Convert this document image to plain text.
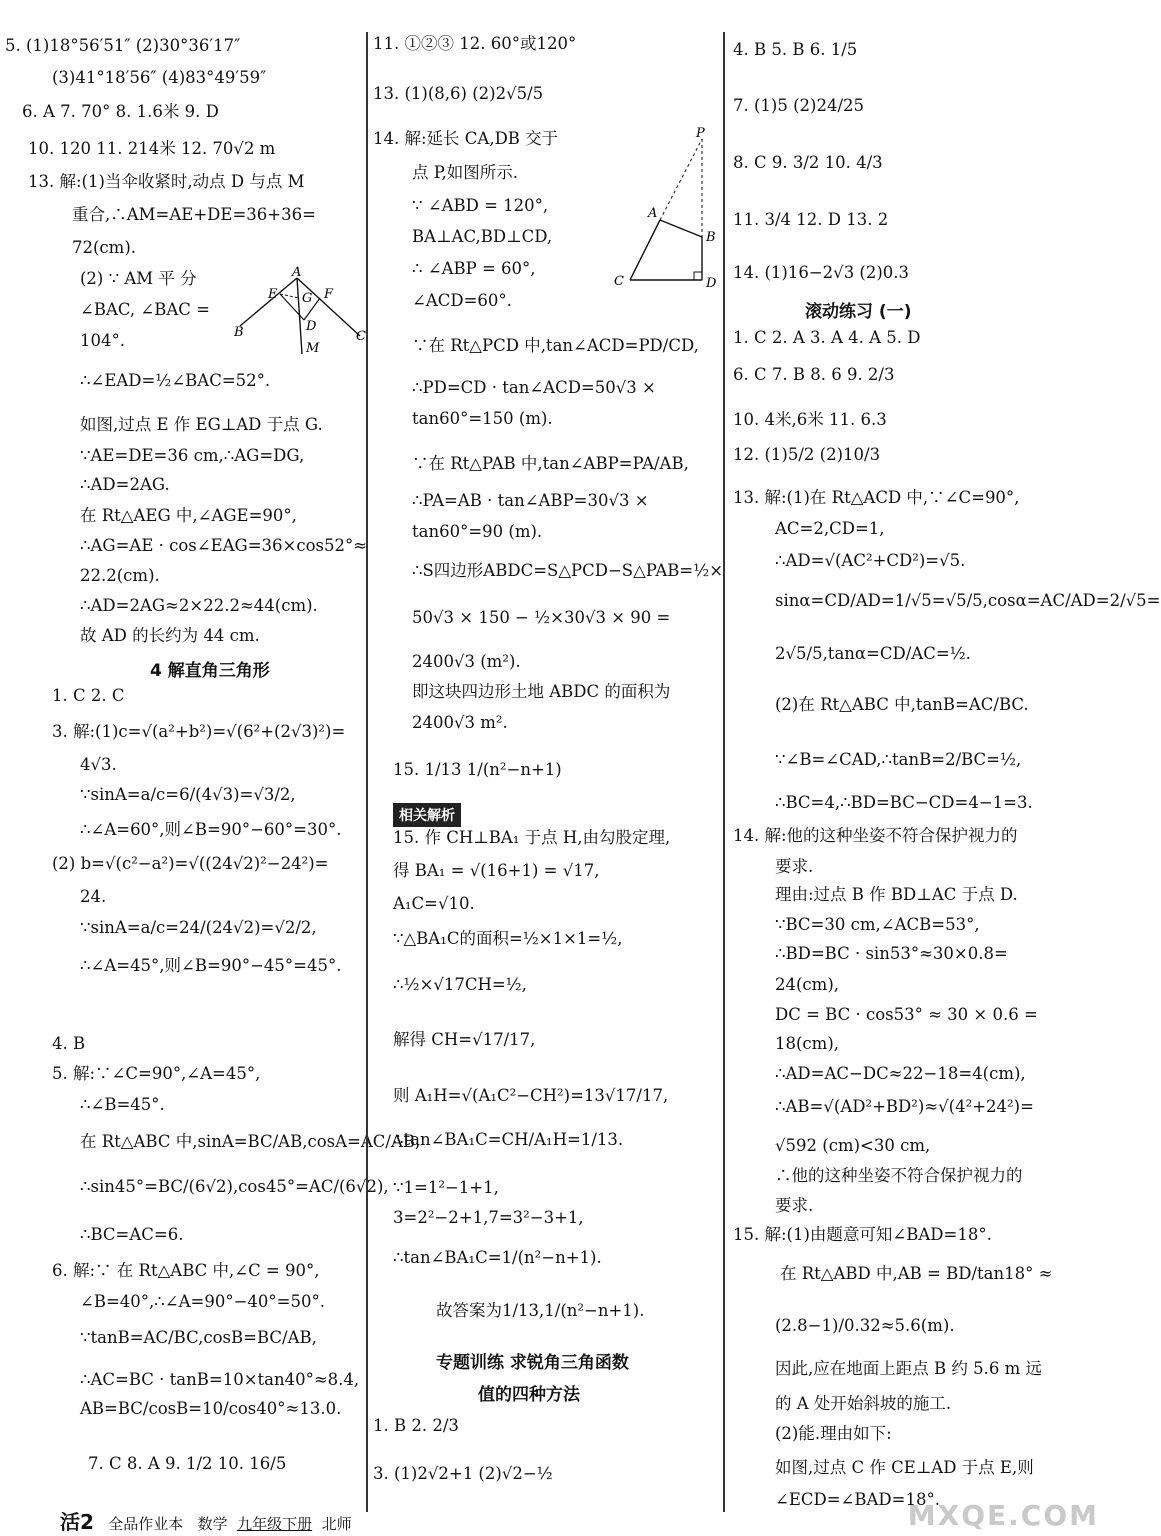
5. (1)18°56′51″ (2)30°36′17″
(3)41°18′56″ (4)83°49′59″
6. A 7. 70° 8. 1.6米 9. D
10. 120 11. 214米 12. 70√2 m
13. 解:(1)当伞收紧时,动点 D 与点 M
重合,∴AM=AE+DE=36+36=
72(cm).
(2) ∵ AM 平 分
∠BAC, ∠BAC =
104°.
∴∠EAD=½∠BAC=52°.
如图,过点 E 作 EG⊥AD 于点 G.
∵AE=DE=36 cm,∴AG=DG,
∴AD=2AG.
在 Rt△AEG 中,∠AGE=90°,
∴AG=AE · cos∠EAG=36×cos52°≈
22.2(cm).
∴AD=2AG≈2×22.2≈44(cm).
故 AD 的长约为 44 cm.
4 解直角三角形
1. C 2. C
3. 解:(1)c=√(a²+b²)=√(6²+(2√3)²)=
4√3.
∵sinA=a/c=6/(4√3)=√3/2,
∴∠A=60°,则∠B=90°−60°=30°.
(2) b=√(c²−a²)=√((24√2)²−24²)=
24.
∵sinA=a/c=24/(24√2)=√2/2,
∴∠A=45°,则∠B=90°−45°=45°.
4. B
5. 解:∵∠C=90°,∠A=45°,
∴∠B=45°.
在 Rt△ABC 中,sinA=BC/AB,cosA=AC/AB,
∴sin45°=BC/(6√2),cos45°=AC/(6√2),
∴BC=AC=6.
6. 解:∵ 在 Rt△ABC 中,∠C = 90°,
∠B=40°,∴∠A=90°−40°=50°.
∵tanB=AC/BC,cosB=BC/AB,
∴AC=BC · tanB=10×tan40°≈8.4,
AB=BC/cosB=10/cos40°≈13.0.
7. C 8. A 9. 1/2 10. 16/5
11. ①②③ 12. 60°或120°
13. (1)(8,6) (2)2√5/5
14. 解:延长 CA,DB 交于
点 P,如图所示.
∵ ∠ABD = 120°,
BA⊥AC,BD⊥CD,
∴ ∠ABP = 60°,
∠ACD=60°.
∵在 Rt△PCD 中,tan∠ACD=PD/CD,
∴PD=CD · tan∠ACD=50√3 ×
tan60°=150 (m).
∵在 Rt△PAB 中,tan∠ABP=PA/AB,
∴PA=AB · tan∠ABP=30√3 ×
tan60°=90 (m).
∴S四边形ABDC=S△PCD−S△PAB=½×
50√3 × 150 − ½×30√3 × 90 =
2400√3 (m²).
即这块四边形土地 ABDC 的面积为
2400√3 m².
15. 1/13 1/(n²−n+1)
相关解析
15. 作 CH⊥BA₁ 于点 H,由勾股定理,
得 BA₁ = √(16+1) = √17,
A₁C=√10.
∵△BA₁C的面积=½×1×1=½,
∴½×√17CH=½,
解得 CH=√17/17,
则 A₁H=√(A₁C²−CH²)=13√17/17,
∴tan∠BA₁C=CH/A₁H=1/13.
∵1=1²−1+1,
3=2²−2+1,7=3²−3+1,
∴tan∠BA₁C=1/(n²−n+1).
故答案为1/13,1/(n²−n+1).
专题训练 求锐角三角函数
值的四种方法
1. B 2. 2/3
3. (1)2√2+1 (2)√2−½
4. B 5. B 6. 1/5
7. (1)5 (2)24/25
8. C 9. 3/2 10. 4/3
11. 3/4 12. D 13. 2
14. (1)16−2√3 (2)0.3
滚动练习 (一)
1. C 2. A 3. A 4. A 5. D
6. C 7. B 8. 6 9. 2/3
10. 4米,6米 11. 6.3
12. (1)5/2 (2)10/3
13. 解:(1)在 Rt△ACD 中,∵∠C=90°,
AC=2,CD=1,
∴AD=√(AC²+CD²)=√5.
sinα=CD/AD=1/√5=√5/5,cosα=AC/AD=2/√5=
2√5/5,tanα=CD/AC=½.
(2)在 Rt△ABC 中,tanB=AC/BC.
∵∠B=∠CAD,∴tanB=2/BC=½,
∴BC=4,∴BD=BC−CD=4−1=3.
14. 解:他的这种坐姿不符合保护视力的
要求.
理由:过点 B 作 BD⊥AC 于点 D.
∵BC=30 cm,∠ACB=53°,
∴BD=BC · sin53°≈30×0.8=
24(cm),
DC = BC · cos53° ≈ 30 × 0.6 =
18(cm),
∴AD=AC−DC≈22−18=4(cm),
∴AB=√(AD²+BD²)≈√(4²+24²)=
√592 (cm)<30 cm,
∴他的这种坐姿不符合保护视力的
要求.
15. 解:(1)由题意可知∠BAD=18°.
在 Rt△ABD 中,AB = BD/tan18° ≈
(2.8−1)/0.32≈5.6(m).
因此,应在地面上距点 B 约 5.6 m 远
的 A 处开始斜坡的施工.
(2)能.理由如下:
如图,过点 C 作 CE⊥AD 于点 E,则
∠ECD=∠BAD=18°.
A
E G F
B	D
C
M
P
A
B
C	D
活2 全品作业本 数学 九年级下册 北师	MXQE.COM
